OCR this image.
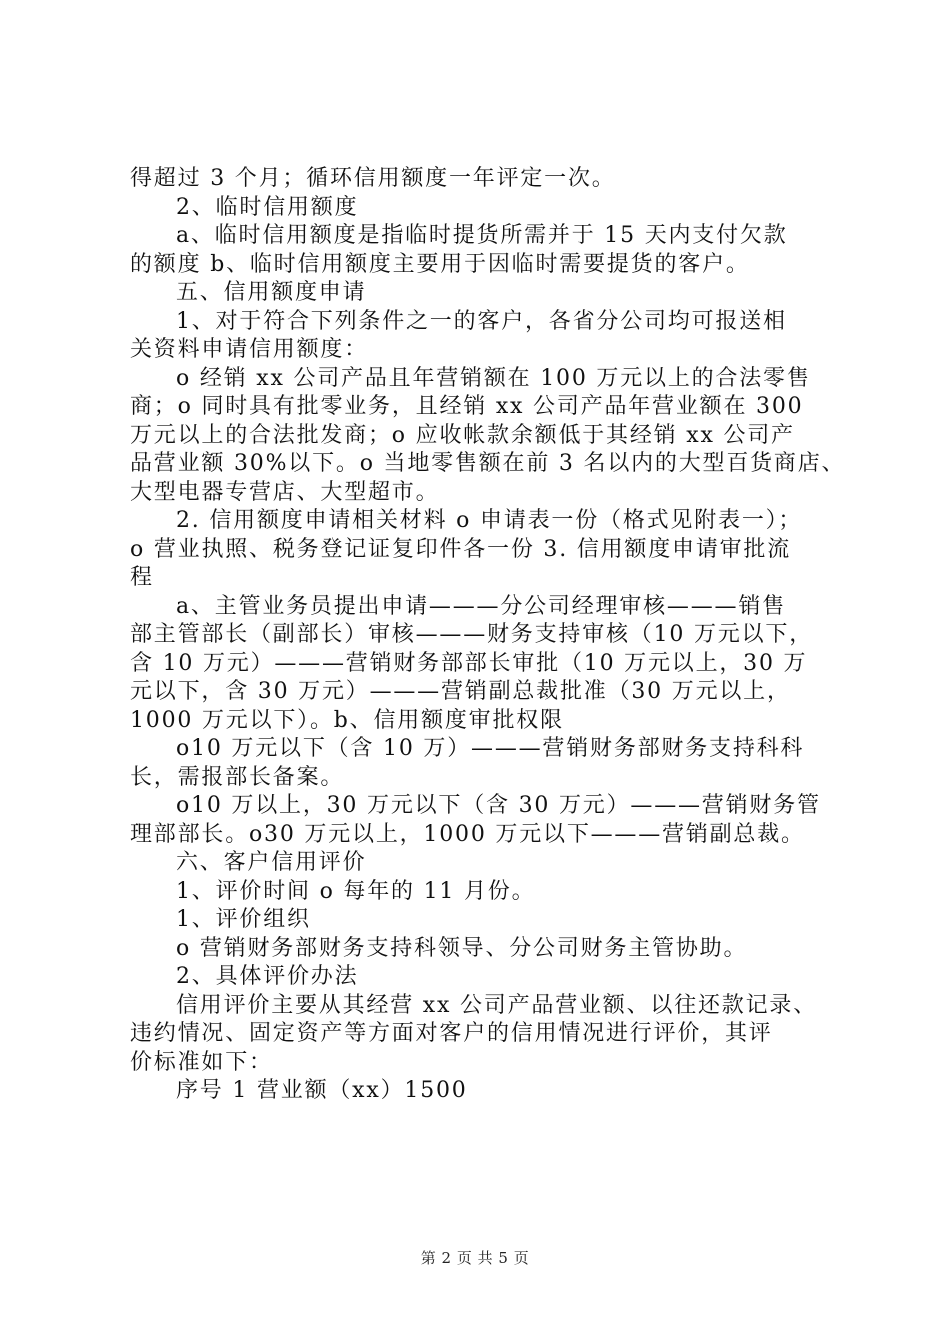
得超过 3 个月；循环信用额度一年评定一次。
2、临时信用额度
a、临时信用额度是指临时提货所需并于 15 天内支付欠款
的额度 b、临时信用额度主要用于因临时需要提货的客户。
五、信用额度申请
1、对于符合下列条件之一的客户，各省分公司均可报送相
关资料申请信用额度：
o 经销 xx 公司产品且年营销额在 100 万元以上的合法零售
商；o 同时具有批零业务，且经销 xx 公司产品年营业额在 300
万元以上的合法批发商；o 应收帐款余额低于其经销 xx 公司产
品营业额 30%以下。o 当地零售额在前 3 名以内的大型百货商店、
大型电器专营店、大型超市。
2. 信用额度申请相关材料 o 申请表一份（格式见附表一）；
o 营业执照、税务登记证复印件各一份 3. 信用额度申请审批流
程
a、主管业务员提出申请———分公司经理审核———销售
部主管部长（副部长）审核———财务支持审核（10 万元以下，
含 10 万元）———营销财务部部长审批（10 万元以上，30 万
元以下，含 30 万元）———营销副总裁批准（30 万元以上，
1000 万元以下）。b、信用额度审批权限
o10 万元以下（含 10 万）———营销财务部财务支持科科
长，需报部长备案。
o10 万以上，30 万元以下（含 30 万元）———营销财务管
理部部长。o30 万元以上，1000 万元以下———营销副总裁。
六、客户信用评价
1、评价时间 o 每年的 11 月份。
1、评价组织
o 营销财务部财务支持科领导、分公司财务主管协助。
2、具体评价办法
信用评价主要从其经营 xx 公司产品营业额、以往还款记录、
违约情况、固定资产等方面对客户的信用情况进行评价，其评
价标准如下：
序号 1 营业额（xx）1500
第 2 页 共 5 页
